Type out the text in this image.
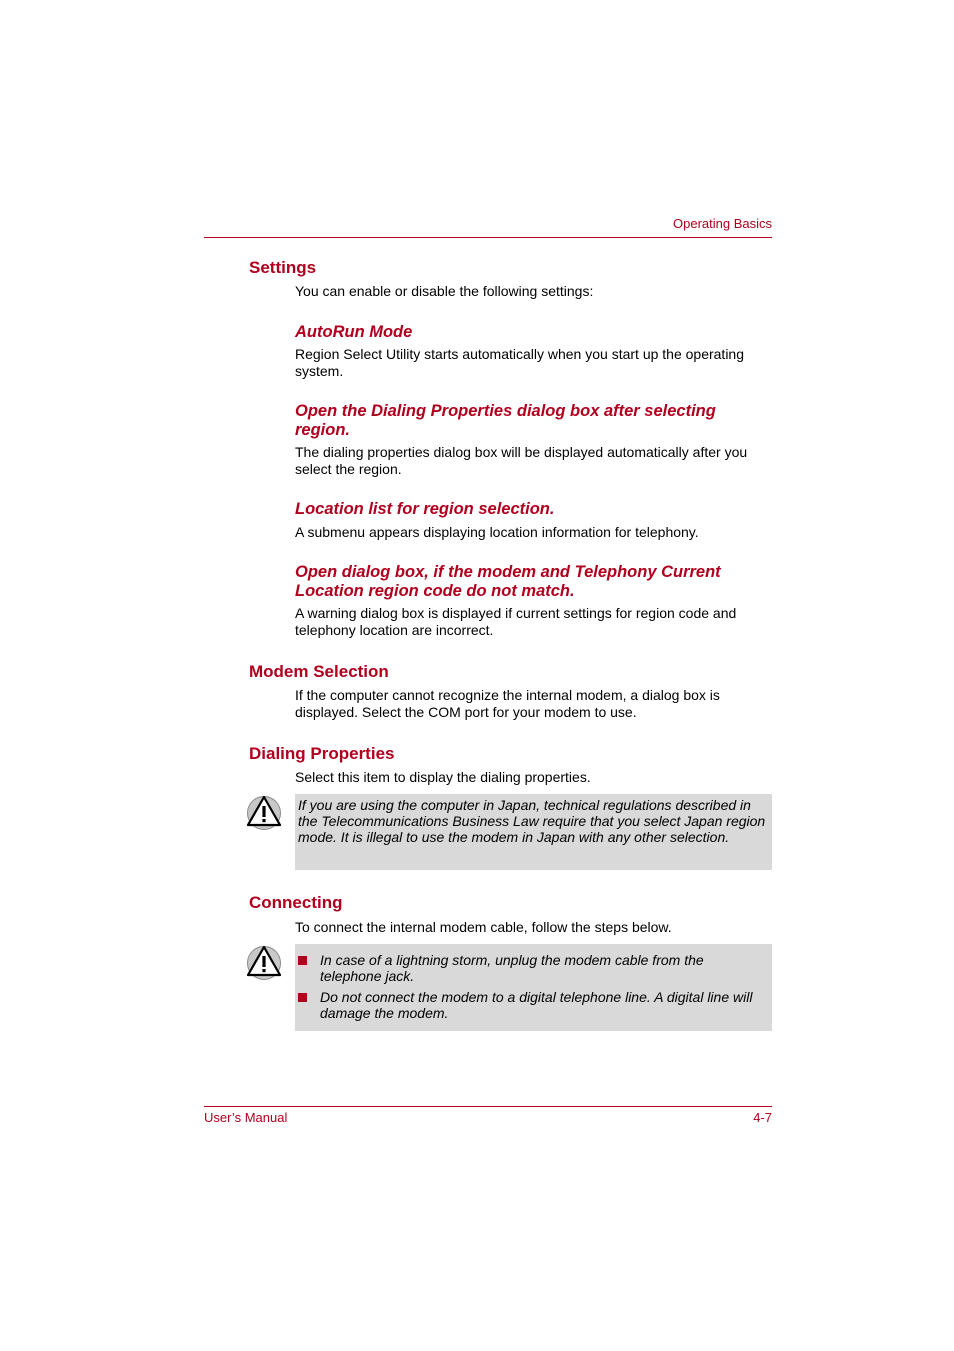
Operating Basics
Settings
You can enable or disable the following settings:
AutoRun Mode
Region Select Utility starts automatically when you start up the operating system.
Open the Dialing Properties dialog box after selecting region.
The dialing properties dialog box will be displayed automatically after you select the region.
Location list for region selection.
A submenu appears displaying location information for telephony.
Open dialog box, if the modem and Telephony Current Location region code do not match.
A warning dialog box is displayed if current settings for region code and telephony location are incorrect.
Modem Selection
If the computer cannot recognize the internal modem, a dialog box is displayed. Select the COM port for your modem to use.
Dialing Properties
Select this item to display the dialing properties.
If you are using the computer in Japan, technical regulations described in the Telecommunications Business Law require that you select Japan region mode. It is illegal to use the modem in Japan with any other selection.
Connecting
To connect the internal modem cable, follow the steps below.
In case of a lightning storm, unplug the modem cable from the telephone jack.
Do not connect the modem to a digital telephone line. A digital line will damage the modem.
User’s Manual	4-7
